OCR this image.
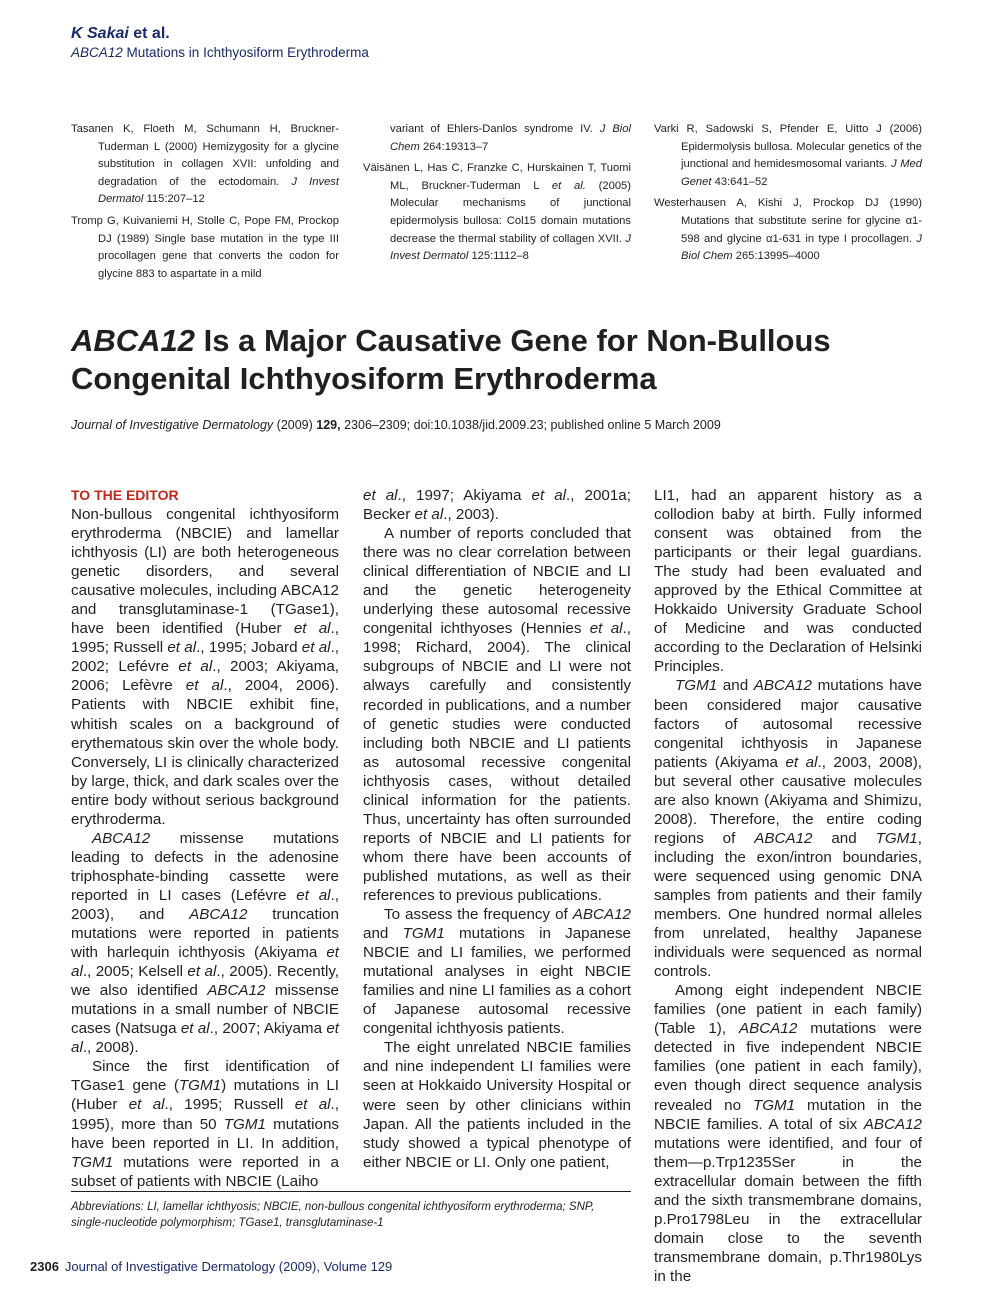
K Sakai et al.
ABCA12 Mutations in Ichthyosiform Erythroderma

Tasanen K, Floeth M, Schumann H, Bruckner-Tuderman L (2000) Hemizygosity for a glycine substitution in collagen XVII: unfolding and degradation of the ectodomain. J Invest Dermatol 115:207–12

Tromp G, Kuivaniemi H, Stolle C, Pope FM, Prockop DJ (1989) Single base mutation in the type III procollagen gene that converts the codon for glycine 883 to aspartate in a mild

variant of Ehlers-Danlos syndrome IV. J Biol Chem 264:19313–7

Väisänen L, Has C, Franzke C, Hurskainen T, Tuomi ML, Bruckner-Tuderman L et al. (2005) Molecular mechanisms of junctional epidermolysis bullosa: Col15 domain mutations decrease the thermal stability of collagen XVII. J Invest Dermatol 125:1112–8

Varki R, Sadowski S, Pfender E, Uitto J (2006) Epidermolysis bullosa. Molecular genetics of the junctional and hemidesmosomal variants. J Med Genet 43:641–52

Westerhausen A, Kishi J, Prockop DJ (1990) Mutations that substitute serine for glycine α1-598 and glycine α1-631 in type I procollagen. J Biol Chem 265:13995–4000

ABCA12 Is a Major Causative Gene for Non-Bullous
Congenital Ichthyosiform Erythroderma
Journal of Investigative Dermatology (2009) 129, 2306–2309; doi:10.1038/jid.2009.23; published online 5 March 2009
TO THE EDITOR

Non-bullous congenital ichthyosiform erythroderma (NBCIE) and lamellar ichthyosis (LI) are both heterogeneous genetic disorders, and several causative molecules, including ABCA12 and transglutaminase-1 (TGase1), have been identified (Huber et al., 1995; Russell et al., 1995; Jobard et al., 2002; Lefévre et al., 2003; Akiyama, 2006; Lefèvre et al., 2004, 2006). Patients with NBCIE exhibit fine, whitish scales on a background of erythematous skin over the whole body. Conversely, LI is clinically characterized by large, thick, and dark scales over the entire body without serious background erythroderma.

ABCA12 missense mutations leading to defects in the adenosine triphosphate-binding cassette were reported in LI cases (Lefévre et al., 2003), and ABCA12 truncation mutations were reported in patients with harlequin ichthyosis (Akiyama et al., 2005; Kelsell et al., 2005). Recently, we also identified ABCA12 missense mutations in a small number of NBCIE cases (Natsuga et al., 2007; Akiyama et al., 2008).

Since the first identification of TGase1 gene (TGM1) mutations in LI (Huber et al., 1995; Russell et al., 1995), more than 50 TGM1 mutations have been reported in LI. In addition, TGM1 mutations were reported in a subset of patients with NBCIE (Laiho

et al., 1997; Akiyama et al., 2001a; Becker et al., 2003).

A number of reports concluded that there was no clear correlation between clinical differentiation of NBCIE and LI and the genetic heterogeneity underlying these autosomal recessive congenital ichthyoses (Hennies et al., 1998; Richard, 2004). The clinical subgroups of NBCIE and LI were not always carefully and consistently recorded in publications, and a number of genetic studies were conducted including both NBCIE and LI patients as autosomal recessive congenital ichthyosis cases, without detailed clinical information for the patients. Thus, uncertainty has often surrounded reports of NBCIE and LI patients for whom there have been accounts of published mutations, as well as their references to previous publications.

To assess the frequency of ABCA12 and TGM1 mutations in Japanese NBCIE and LI families, we performed mutational analyses in eight NBCIE families and nine LI families as a cohort of Japanese autosomal recessive congenital ichthyosis patients.

The eight unrelated NBCIE families and nine independent LI families were seen at Hokkaido University Hospital or were seen by other clinicians within Japan. All the patients included in the study showed a typical phenotype of either NBCIE or LI. Only one patient,

LI1, had an apparent history as a collodion baby at birth. Fully informed consent was obtained from the participants or their legal guardians. The study had been evaluated and approved by the Ethical Committee at Hokkaido University Graduate School of Medicine and was conducted according to the Declaration of Helsinki Principles.

TGM1 and ABCA12 mutations have been considered major causative factors of autosomal recessive congenital ichthyosis in Japanese patients (Akiyama et al., 2003, 2008), but several other causative molecules are also known (Akiyama and Shimizu, 2008). Therefore, the entire coding regions of ABCA12 and TGM1, including the exon/intron boundaries, were sequenced using genomic DNA samples from patients and their family members. One hundred normal alleles from unrelated, healthy Japanese individuals were sequenced as normal controls.

Among eight independent NBCIE families (one patient in each family) (Table 1), ABCA12 mutations were detected in five independent NBCIE families (one patient in each family), even though direct sequence analysis revealed no TGM1 mutation in the NBCIE families. A total of six ABCA12 mutations were identified, and four of them—p.Trp1235Ser in the extracellular domain between the fifth and the sixth transmembrane domains, p.Pro1798Leu in the extracellular domain close to the seventh transmembrane domain, p.Thr1980Lys in the

Abbreviations: LI, lamellar ichthyosis; NBCIE, non-bullous congenital ichthyosiform erythroderma; SNP, single-nucleotide polymorphism; TGase1, transglutaminase-1
2306 Journal of Investigative Dermatology (2009), Volume 129
